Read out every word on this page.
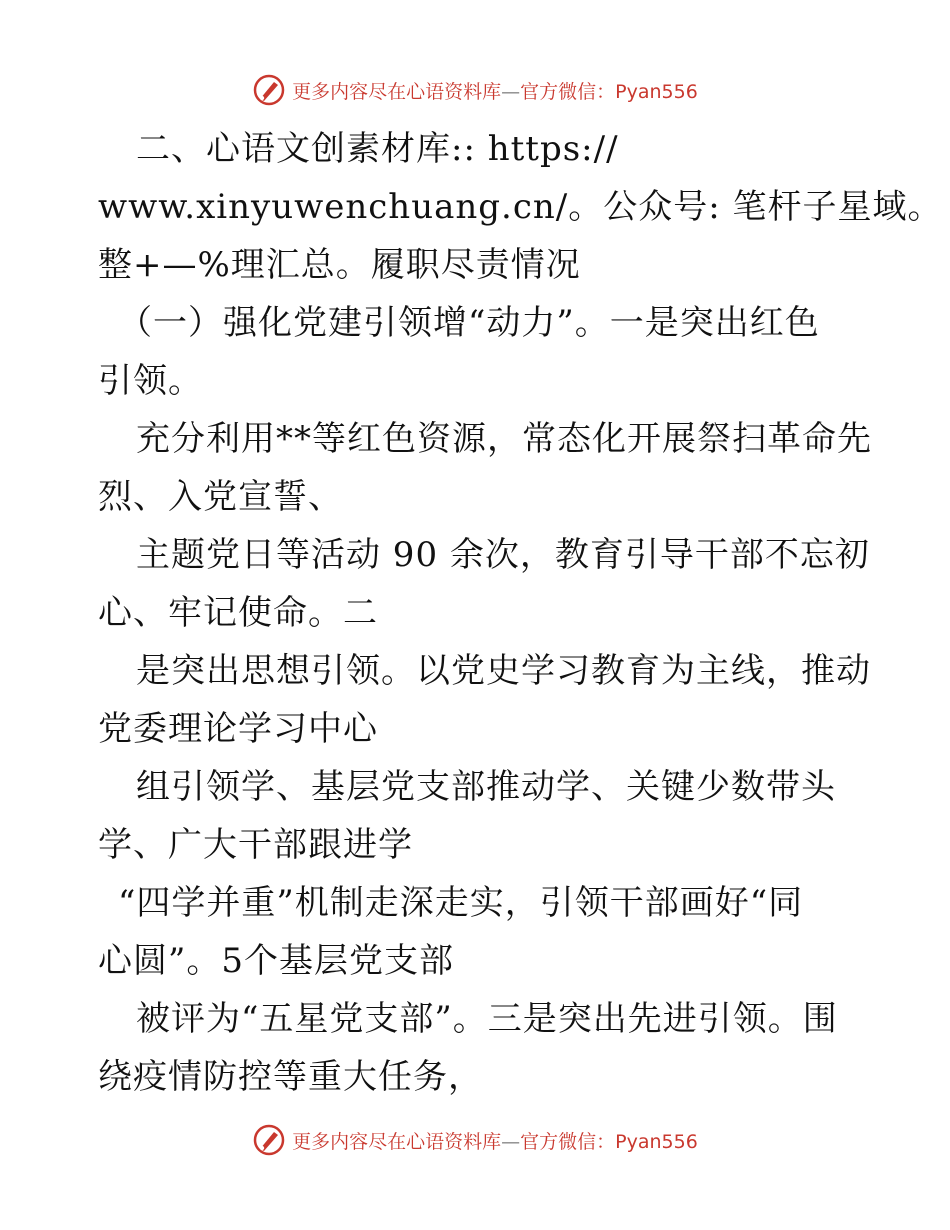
更多内容尽在心语资料库—官方微信：Pyan556
二、心语文创素材库:: https://
www.xinyuwenchuang.cn/。公众号: 笔杆子星域。
整+—%理汇总。履职尽责情况
（一）强化党建引领增“动力”。一是突出红色
引领。
充分利用**等红色资源，常态化开展祭扫革命先
烈、入党宣誓、
主题党日等活动 90 余次，教育引导干部不忘初
心、牢记使命。二
是突出思想引领。以党史学习教育为主线，推动
党委理论学习中心
组引领学、基层党支部推动学、关键少数带头
学、广大干部跟进学
“四学并重”机制走深走实，引领干部画好“同
心圆”。5个基层党支部
被评为“五星党支部”。三是突出先进引领。围
绕疫情防控等重大任务，
更多内容尽在心语资料库—官方微信：Pyan556
